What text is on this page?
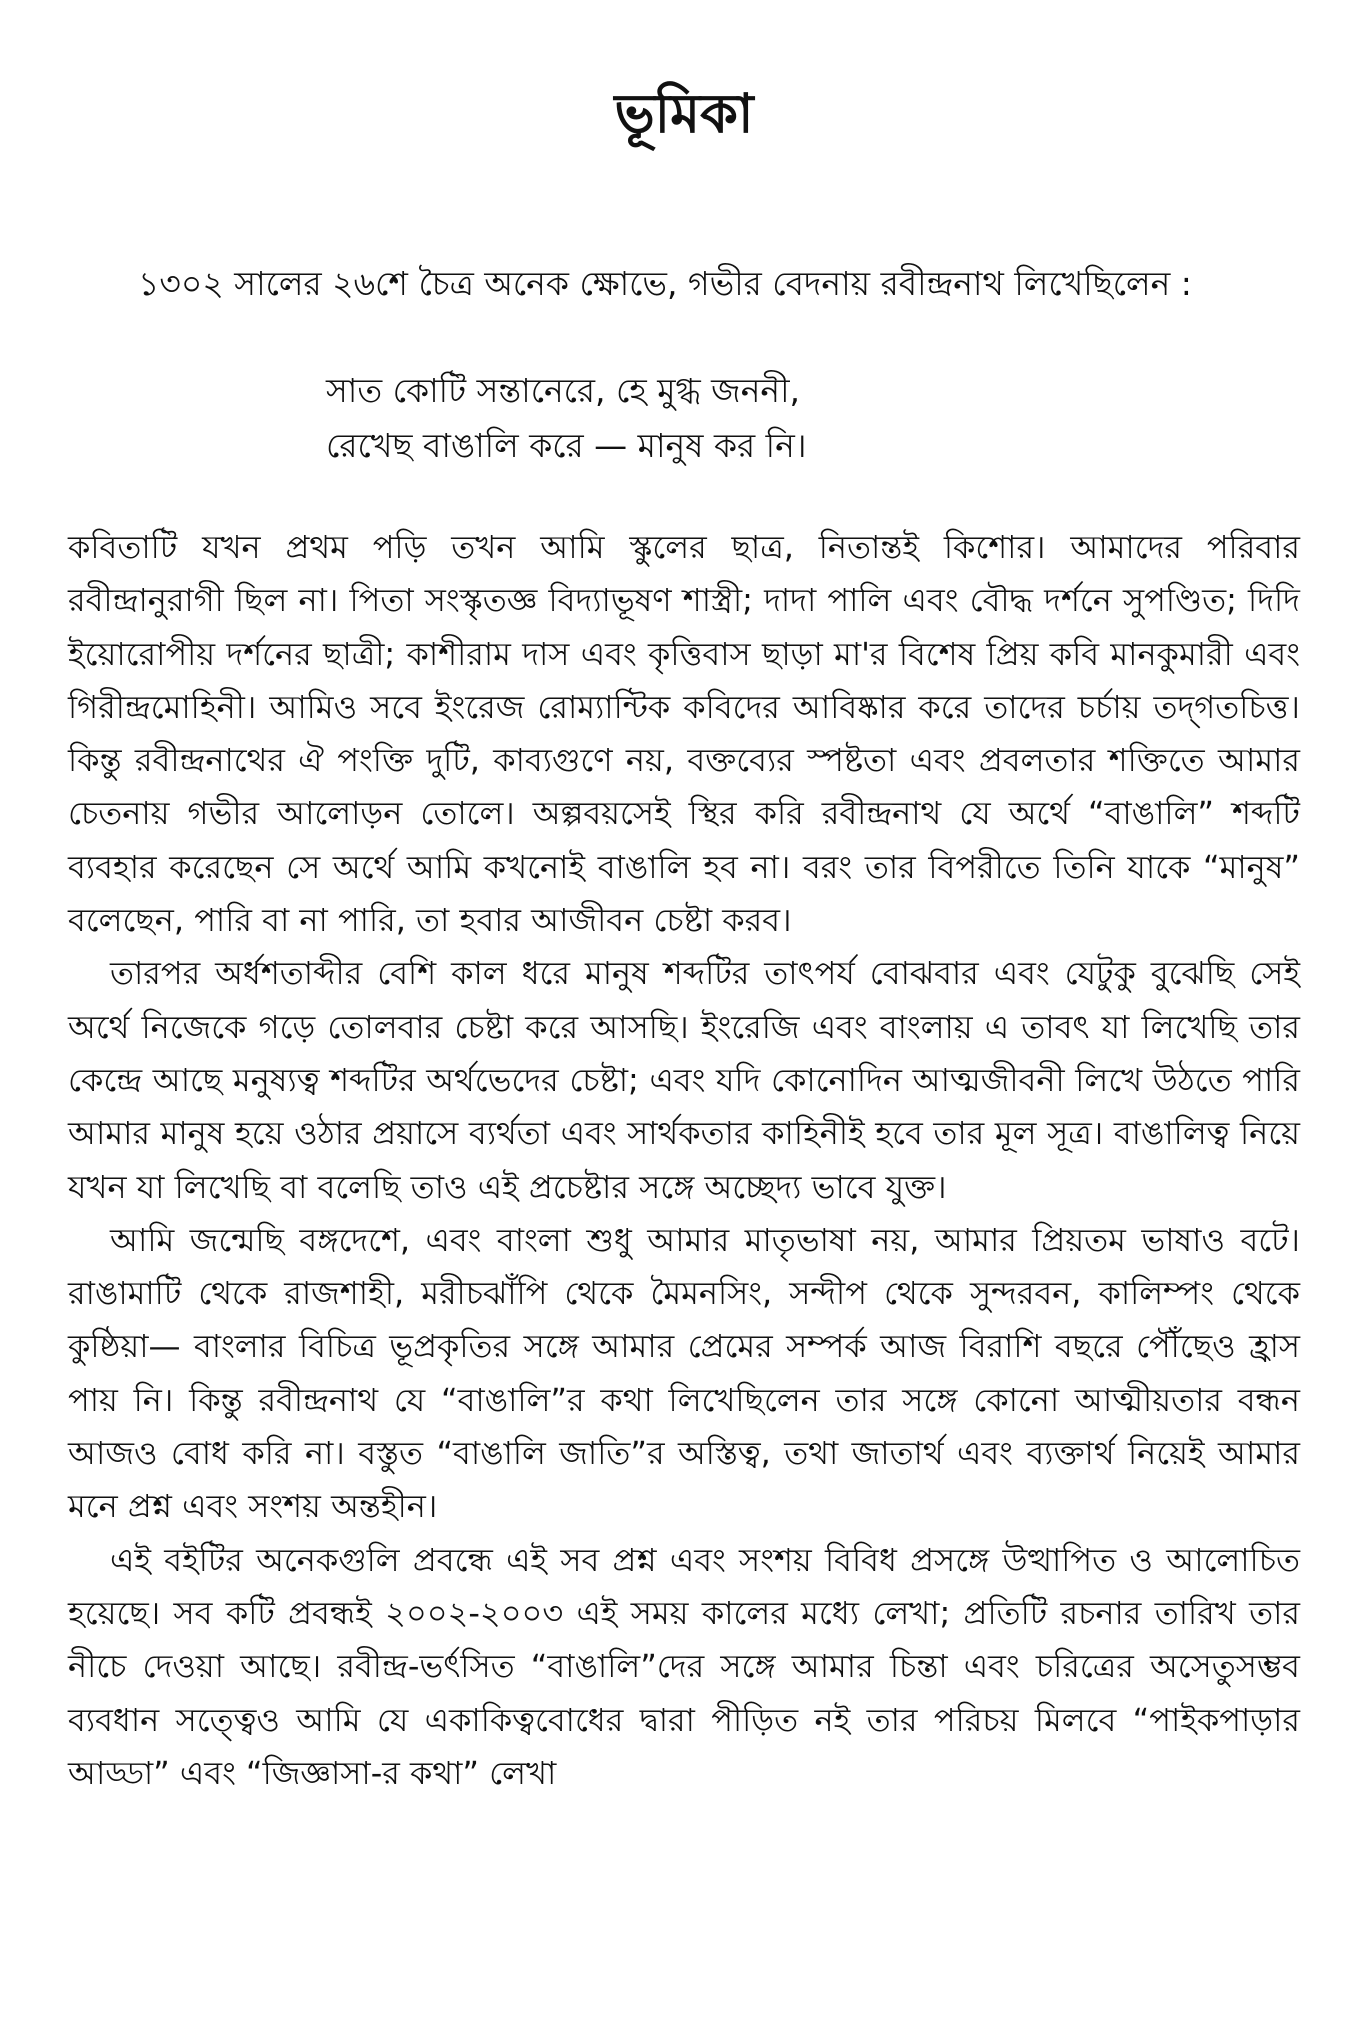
ভূমিকা

১৩০২ সালের ২৬শে চৈত্র অনেক ক্ষোভে, গভীর বেদনায় রবীন্দ্রনাথ লিখেছিলেন :

সাত কোটি সন্তানেরে, হে মুগ্ধ জননী,
রেখেছ বাঙালি করে — মানুষ কর নি।

কবিতাটি যখন প্রথম পড়ি তখন আমি স্কুলের ছাত্র, নিতান্তই কিশোর। আমাদের পরিবার রবীন্দ্রানুরাগী ছিল না। পিতা সংস্কৃতজ্ঞ বিদ্যাভূষণ শাস্ত্রী; দাদা পালি এবং বৌদ্ধ দর্শনে সুপণ্ডিত; দিদি ইয়োরোপীয় দর্শনের ছাত্রী; কাশীরাম দাস এবং কৃত্তিবাস ছাড়া মা'র বিশেষ প্রিয় কবি মানকুমারী এবং গিরীন্দ্রমোহিনী। আমিও সবে ইংরেজ রোম্যান্টিক কবিদের আবিষ্কার করে তাদের চর্চায় তদ্‌গতচিত্ত। কিন্তু রবীন্দ্রনাথের ঐ পংক্তি দুটি, কাব্যগুণে নয়, বক্তব্যের স্পষ্টতা এবং প্রবলতার শক্তিতে আমার চেতনায় গভীর আলোড়ন তোলে। অল্পবয়সেই স্থির করি রবীন্দ্রনাথ যে অর্থে “বাঙালি” শব্দটি ব্যবহার করেছেন সে অর্থে আমি কখনোই বাঙালি হব না। বরং তার বিপরীতে তিনি যাকে “মানুষ” বলেছেন, পারি বা না পারি, তা হবার আজীবন চেষ্টা করব।

তারপর অর্ধশতাব্দীর বেশি কাল ধরে মানুষ শব্দটির তাৎপর্য বোঝবার এবং যেটুকু বুঝেছি সেই অর্থে নিজেকে গড়ে তোলবার চেষ্টা করে আসছি। ইংরেজি এবং বাংলায় এ তাবৎ যা লিখেছি তার কেন্দ্রে আছে মনুষ্যত্ব শব্দটির অর্থভেদের চেষ্টা; এবং যদি কোনোদিন আত্মজীবনী লিখে উঠতে পারি আমার মানুষ হয়ে ওঠার প্রয়াসে ব্যর্থতা এবং সার্থকতার কাহিনীই হবে তার মূল সূত্র। বাঙালিত্ব নিয়ে যখন যা লিখেছি বা বলেছি তাও এই প্রচেষ্টার সঙ্গে অচ্ছেদ্য ভাবে যুক্ত।

আমি জন্মেছি বঙ্গদেশে, এবং বাংলা শুধু আমার মাতৃভাষা নয়, আমার প্রিয়তম ভাষাও বটে। রাঙামাটি থেকে রাজশাহী, মরীচঝাঁপি থেকে মৈমনসিং, সন্দীপ থেকে সুন্দরবন, কালিম্পং থেকে কুষ্ঠিয়া— বাংলার বিচিত্র ভূপ্রকৃতির সঙ্গে আমার প্রেমের সম্পর্ক আজ বিরাশি বছরে পৌঁছেও হ্রাস পায় নি। কিন্তু রবীন্দ্রনাথ যে “বাঙালি”র কথা লিখেছিলেন তার সঙ্গে কোনো আত্মীয়তার বন্ধন আজও বোধ করি না। বস্তুত “বাঙালি জাতি”র অস্তিত্ব, তথা জাতার্থ এবং ব্যক্তার্থ নিয়েই আমার মনে প্রশ্ন এবং সংশয় অন্তহীন।

এই বইটির অনেকগুলি প্রবন্ধে এই সব প্রশ্ন এবং সংশয় বিবিধ প্রসঙ্গে উত্থাপিত ও আলোচিত হয়েছে। সব কটি প্রবন্ধই ২০০২-২০০৩ এই সময় কালের মধ্যে লেখা; প্রতিটি রচনার তারিখ তার নীচে দেওয়া আছে। রবীন্দ্র-ভর্ৎসিত “বাঙালি”দের সঙ্গে আমার চিন্তা এবং চরিত্রের অসেতুসম্ভব ব্যবধান সত্ত্বেও আমি যে একাকিত্ববোধের দ্বারা পীড়িত নই তার পরিচয় মিলবে “পাইকপাড়ার আড্ডা” এবং “জিজ্ঞাসা-র কথা” লেখা
